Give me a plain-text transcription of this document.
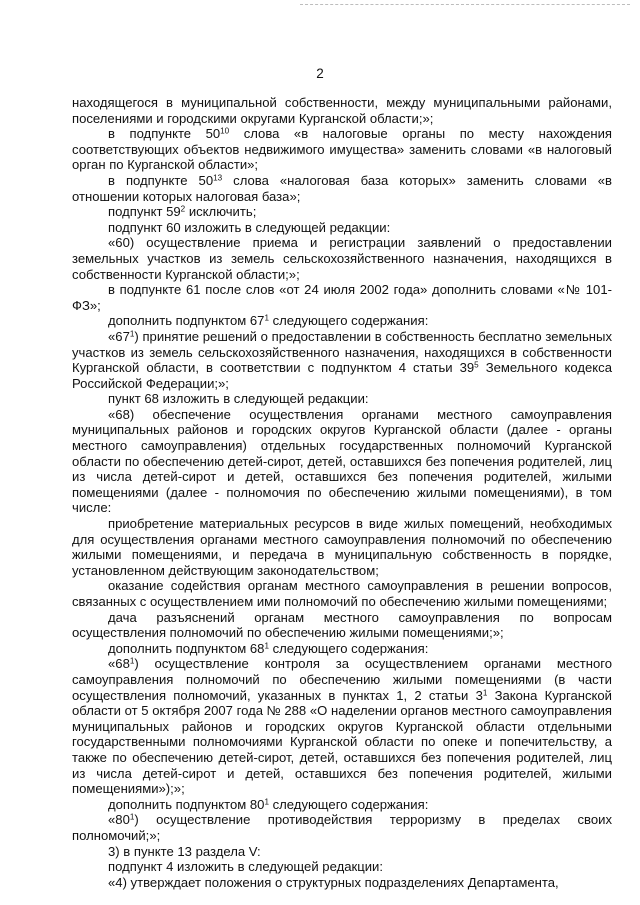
2

находящегося в муниципальной собственности, между муниципальными районами, поселениями и городскими округами Курганской области;»;

в подпункте $50^{10}$ слова «в налоговые органы по месту нахождения соответствующих объектов недвижимого имущества» заменить словами «в налоговый орган по Курганской области»;

в подпункте $50^{13}$ слова «налоговая база которых» заменить словами «в отношении которых налоговая база»;

подпункт $59^2$ исключить;

подпункт 60 изложить в следующей редакции:

«60) осуществление приема и регистрации заявлений о предоставлении земельных участков из земель сельскохозяйственного назначения, находящихся в собственности Курганской области;»;

в подпункте 61 после слов «от 24 июля 2002 года» дополнить словами «№ 101-ФЗ»;

дополнить подпунктом $67^1$ следующего содержания:

«$67^1$) принятие решений о предоставлении в собственность бесплатно земельных участков из земель сельскохозяйственного назначения, находящихся в собственности Курганской области, в соответствии с подпунктом 4 статьи $39^5$ Земельного кодекса Российской Федерации;»;

пункт 68 изложить в следующей редакции:

«68) обеспечение осуществления органами местного самоуправления муниципальных районов и городских округов Курганской области (далее - органы местного самоуправления) отдельных государственных полномочий Курганской области по обеспечению детей-сирот, детей, оставшихся без попечения родителей, лиц из числа детей-сирот и детей, оставшихся без попечения родителей, жилыми помещениями (далее - полномочия по обеспечению жилыми помещениями), в том числе:

приобретение материальных ресурсов в виде жилых помещений, необходимых для осуществления органами местного самоуправления полномочий по обеспечению жилыми помещениями, и передача в муниципальную собственность в порядке, установленном действующим законодательством;

оказание содействия органам местного самоуправления в решении вопросов, связанных с осуществлением ими полномочий по обеспечению жилыми помещениями;

дача разъяснений органам местного самоуправления по вопросам осуществления полномочий по обеспечению жилыми помещениями;»;

дополнить подпунктом $68^1$ следующего содержания:

«$68^1$) осуществление контроля за осуществлением органами местного самоуправления полномочий по обеспечению жилыми помещениями (в части осуществления полномочий, указанных в пунктах 1, 2 статьи $3^1$ Закона Курганской области от 5 октября 2007 года № 288 «О наделении органов местного самоуправления муниципальных районов и городских округов Курганской области отдельными государственными полномочиями Курганской области по опеке и попечительству, а также по обеспечению детей-сирот, детей, оставшихся без попечения родителей, лиц из числа детей-сирот и детей, оставшихся без попечения родителей, жилыми помещениями»);»;

дополнить подпунктом $80^1$ следующего содержания:

«$80^1$) осуществление противодействия терроризму в пределах своих полномочий;»;

3) в пункте 13 раздела V:

подпункт 4 изложить в следующей редакции:

«4) утверждает положения о структурных подразделениях Департамента,
